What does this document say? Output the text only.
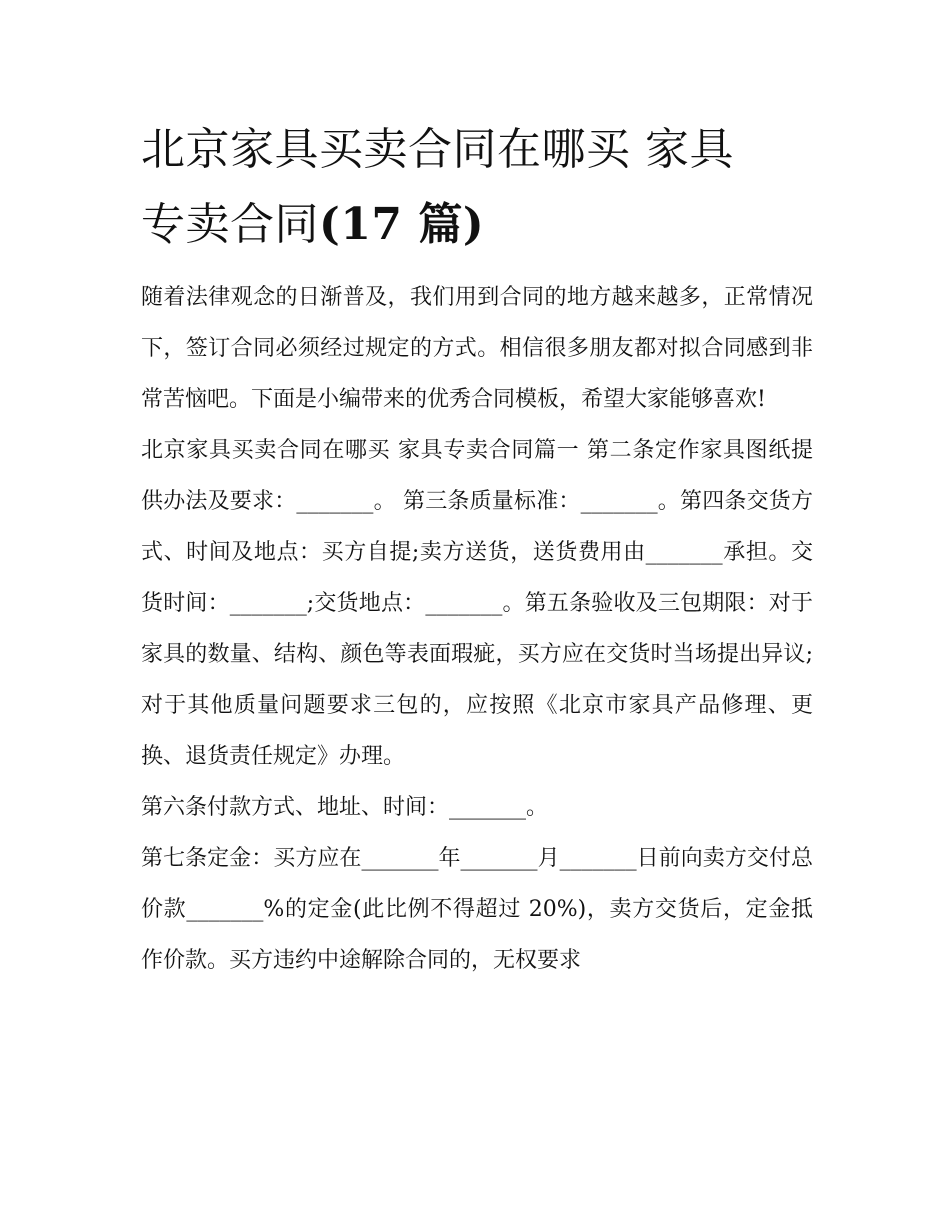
北京家具买卖合同在哪买 家具
专卖合同(17 篇)

随着法律观念的日渐普及，我们用到合同的地方越来越多，正常情况下，签订合同必须经过规定的方式。相信很多朋友都对拟合同感到非常苦恼吧。下面是小编带来的优秀合同模板，希望大家能够喜欢!

北京家具买卖合同在哪买 家具专卖合同篇一 第二条定作家具图纸提供办法及要求：_______。 第三条质量标准：_______。第四条交货方式、时间及地点：买方自提;卖方送货，送货费用由_______承担。交货时间：_______;交货地点：_______。第五条验收及三包期限：对于家具的数量、结构、颜色等表面瑕疵，买方应在交货时当场提出异议;对于其他质量问题要求三包的，应按照《北京市家具产品修理、更换、退货责任规定》办理。

第六条付款方式、地址、时间：_______。

第七条定金：买方应在_______年_______月_______日前向卖方交付总价款_______%的定金(此比例不得超过 20%)，卖方交货后，定金抵作价款。买方违约中途解除合同的，无权要求
